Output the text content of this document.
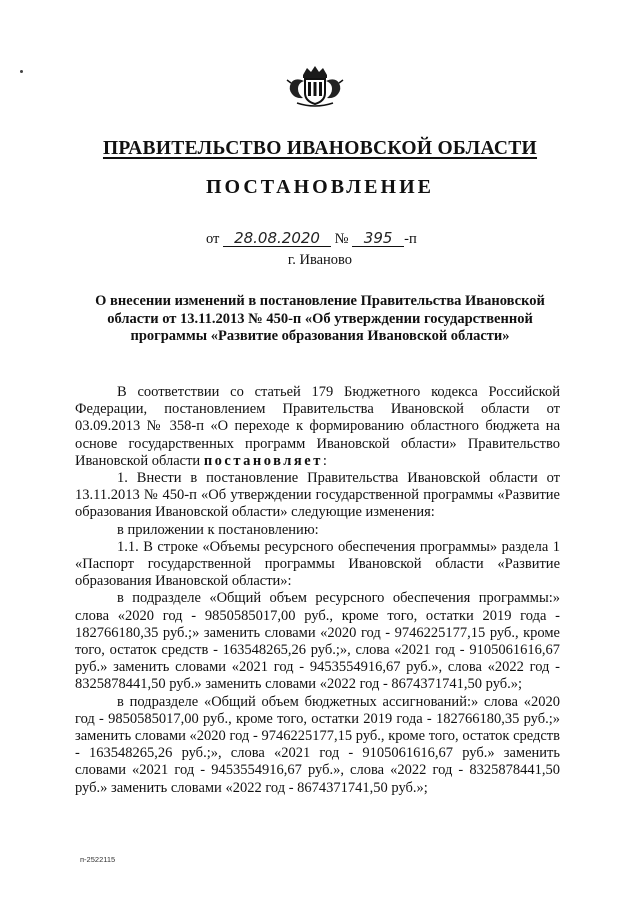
ПРАВИТЕЛЬСТВО ИВАНОВСКОЙ ОБЛАСТИ
ПОСТАНОВЛЕНИЕ
от 28.08.2020 № 395 -п
г. Иваново
О внесении изменений в постановление Правительства Ивановской области от 13.11.2013 № 450-п «Об утверждении государственной программы «Развитие образования Ивановской области»

В соответствии со статьей 179 Бюджетного кодекса Российской Федерации, постановлением Правительства Ивановской области от 03.09.2013 № 358-п «О переходе к формированию областного бюджета на основе государственных программ Ивановской области» Правительство Ивановской области постановляет:

1. Внести в постановление Правительства Ивановской области от 13.11.2013 № 450-п «Об утверждении государственной программы «Развитие образования Ивановской области» следующие изменения:

в приложении к постановлению:

1.1. В строке «Объемы ресурсного обеспечения программы» раздела 1 «Паспорт государственной программы Ивановской области «Развитие образования Ивановской области»:

в подразделе «Общий объем ресурсного обеспечения программы:» слова «2020 год - 9850585017,00 руб., кроме того, остатки 2019 года - 182766180,35 руб.;» заменить словами «2020 год - 9746225177,15 руб., кроме того, остаток средств - 163548265,26 руб.;», слова «2021 год - 9105061616,67 руб.» заменить словами «2021 год - 9453554916,67 руб.», слова «2022 год - 8325878441,50 руб.» заменить словами «2022 год - 8674371741,50 руб.»;

в подразделе «Общий объем бюджетных ассигнований:» слова «2020 год - 9850585017,00 руб., кроме того, остатки 2019 года - 182766180,35 руб.;» заменить словами «2020 год - 9746225177,15 руб., кроме того, остаток средств - 163548265,26 руб.;», слова «2021 год - 9105061616,67 руб.» заменить словами «2021 год - 9453554916,67 руб.», слова «2022 год - 8325878441,50 руб.» заменить словами «2022 год - 8674371741,50 руб.»;

п-2522115
